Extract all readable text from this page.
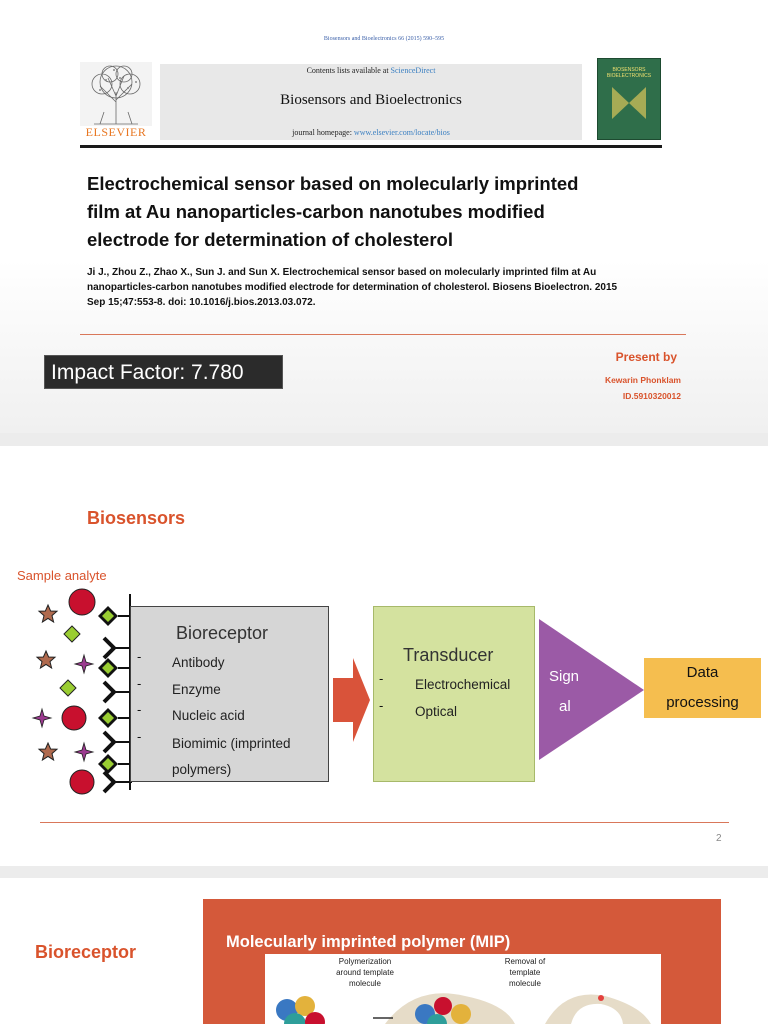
Biosensors and Bioelectronics 66 (2015) 590–595
ELSEVIER
Contents lists available at ScienceDirect
Biosensors and Bioelectronics
journal homepage: www.elsevier.com/locate/bios
BIOSENSORS BIOELECTRONICS
Electrochemical sensor based on molecularly imprinted
film at Au nanoparticles-carbon nanotubes modified
electrode for determination of cholesterol
Ji J., Zhou Z., Zhao X., Sun J. and Sun X. Electrochemical sensor based on molecularly imprinted film at Au
nanoparticles-carbon nanotubes modified electrode for determination of cholesterol. Biosens Bioelectron. 2015
Sep 15;47:553-8. doi: 10.1016/j.bios.2013.03.072.
Impact Factor: 7.780
Present by
Kewarin Phonklam
ID.5910320012
Biosensors
Sample analyte
Bioreceptor
- Antibody
- Enzyme
- Nucleic acid
- Biomimic (imprinted
polymers)
Transducer
- Electrochemical
- Optical
Sign
al
Data
processing
2
Bioreceptor	Molecularly imprinted polymer (MIP)
Polymerization
around template
molecule
Removal of
template
molecule
